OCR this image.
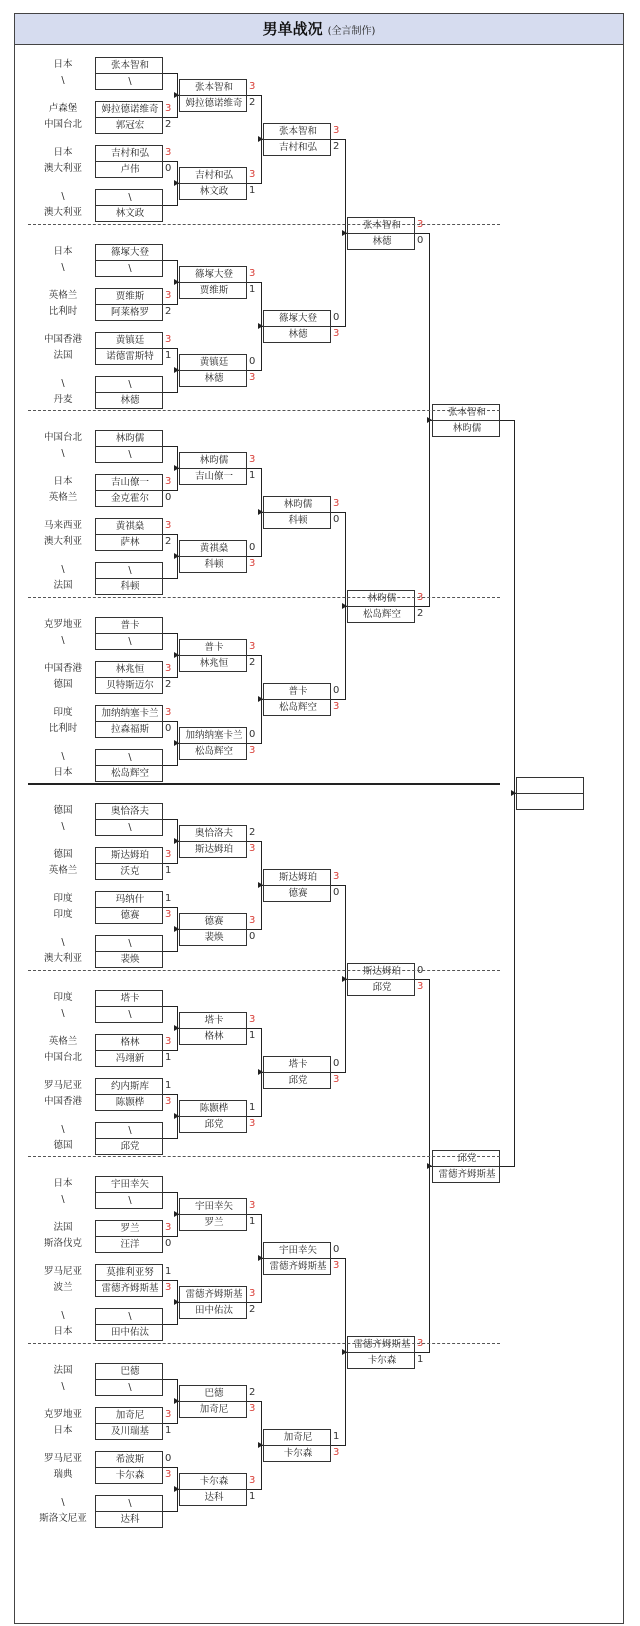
男单战况 (全言制作)
张本智和
\
日本
\
姆拉德诺维奇
郭冠宏
3
卢森堡
2
中国台北
吉村和弘
卢伟
3
日本
0
澳大利亚
\
林文政
\
澳大利亚
篠塚大登
\
日本
\
贾维斯
阿莱格罗
3
英格兰
2
比利时
黄镇廷
诺德雷斯特
3
中国香港
1
法国
\
林德
\
丹麦
林昀儒
\
中国台北
\
吉山僚一
金克霍尔
3
日本
0
英格兰
黄祺燊
萨林
3
马来西亚
2
澳大利亚
\
科顿
\
法国
普卡
\
克罗地亚
\
林兆恒
贝特斯迈尔
3
中国香港
2
德国
加纳纳塞卡兰
拉森福斯
3
印度
0
比利时
\
松岛辉空
\
日本
奥恰洛夫
\
德国
\
斯达姆珀
沃克
3
德国
1
英格兰
玛纳什
德赛
1
印度
3
印度
\
裴焕
\
澳大利亚
塔卡
\
印度
\
格林
冯翊新
3
英格兰
1
中国台北
约内斯库
陈颢桦
1
罗马尼亚
3
中国香港
\
邱党
\
德国
宇田幸矢
\
日本
\
罗兰
汪洋
3
法国
0
斯洛伐克
莫推利亚努
雷德齐姆斯基
1
罗马尼亚
3
波兰
\
田中佑汰
\
日本
巴德
\
法国
\
加奇尼
及川瑞基
3
克罗地亚
1
日本
希波斯
卡尔森
0
罗马尼亚
3
瑞典
\
达科
\
斯洛文尼亚
张本智和
姆拉德诺维奇
3
2
吉村和弘
林文政
3
1
篠塚大登
贾维斯
3
1
黄镇廷
林德
0
3
林昀儒
吉山僚一
3
1
黄祺燊
科顿
0
3
普卡
林兆恒
3
2
加纳纳塞卡兰
松岛辉空
0
3
奥恰洛夫
斯达姆珀
2
3
德赛
裴焕
3
0
塔卡
格林
3
1
陈颢桦
邱党
1
3
宇田幸矢
罗兰
3
1
雷德齐姆斯基
田中佑汰
3
2
巴德
加奇尼
2
3
卡尔森
达科
3
1
张本智和
吉村和弘
3
2
篠塚大登
林德
0
3
林昀儒
科顿
3
0
普卡
松岛辉空
0
3
斯达姆珀
德赛
3
0
塔卡
邱党
0
3
宇田幸矢
雷德齐姆斯基
0
3
加奇尼
卡尔森
1
3
张本智和
林德
3
0
林昀儒
松岛辉空
3
2
斯达姆珀
邱党
0
3
雷德齐姆斯基
卡尔森
3
1
张本智和
林昀儒
邱党
雷德齐姆斯基
